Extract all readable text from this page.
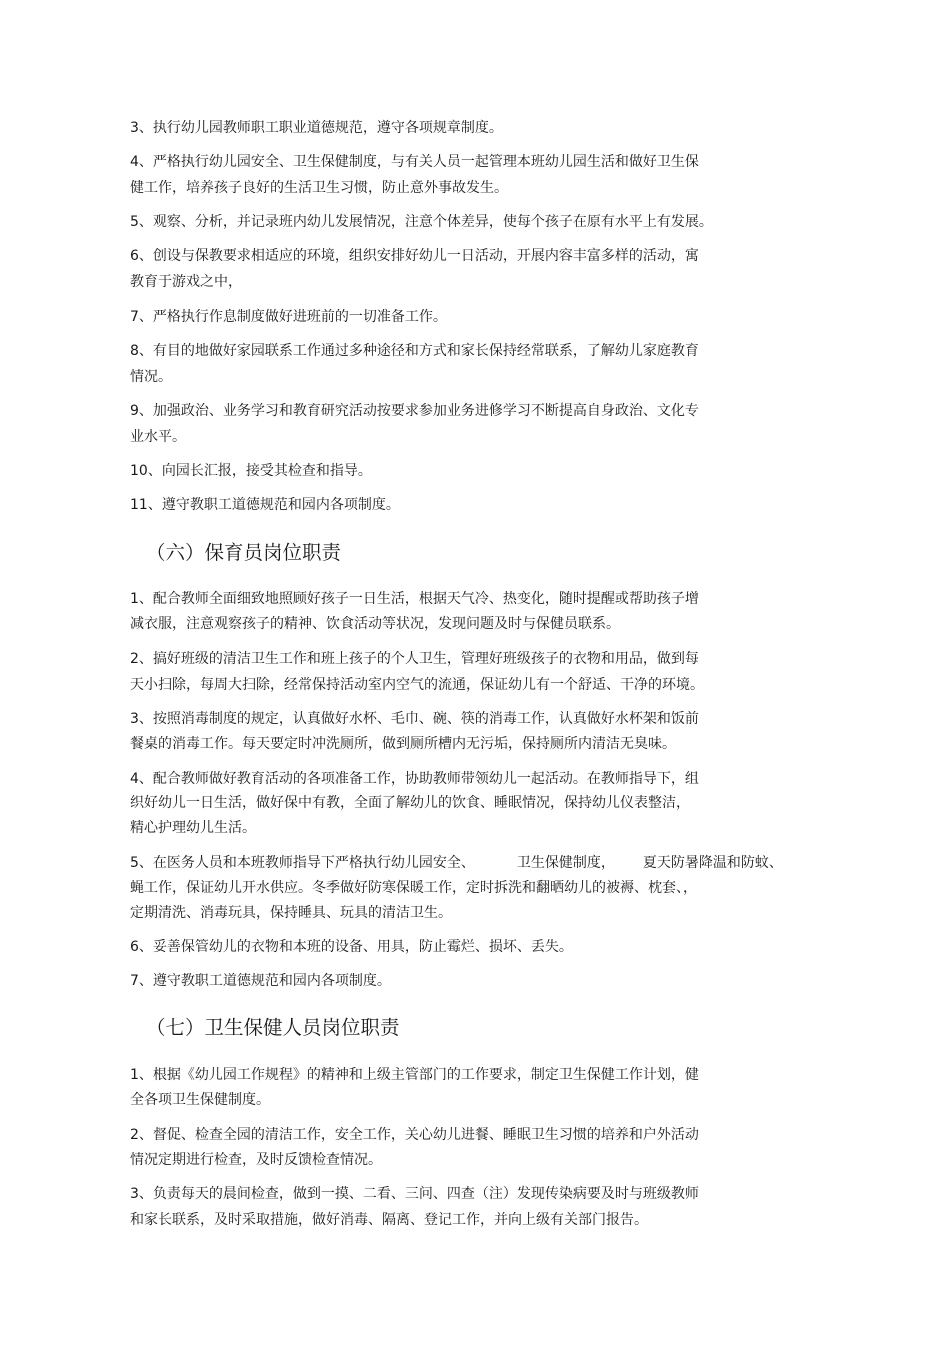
3、执行幼儿园教师职工职业道德规范，遵守各项规章制度。
4、严格执行幼儿园安全、卫生保健制度，与有关人员一起管理本班幼儿园生活和做好卫生保
健工作，培养孩子良好的生活卫生习惯，防止意外事故发生。
5、观察、分析，并记录班内幼儿发展情况，注意个体差异，使每个孩子在原有水平上有发展。
6、创设与保教要求相适应的环境，组织安排好幼儿一日活动，开展内容丰富多样的活动，寓
教育于游戏之中，
7、严格执行作息制度做好进班前的一切准备工作。
8、有目的地做好家园联系工作通过多种途径和方式和家长保持经常联系，了解幼儿家庭教育
情况。
9、加强政治、业务学习和教育研究活动按要求参加业务进修学习不断提高自身政治、文化专
业水平。
10、向园长汇报，接受其检查和指导。
11、遵守教职工道德规范和园内各项制度。
（六）保育员岗位职责
1、配合教师全面细致地照顾好孩子一日生活，根据天气冷、热变化，随时提醒或帮助孩子增
减衣服，注意观察孩子的精神、饮食活动等状况，发现问题及时与保健员联系。
2、搞好班级的清洁卫生工作和班上孩子的个人卫生，管理好班级孩子的衣物和用品，做到每
天小扫除，每周大扫除，经常保持活动室内空气的流通，保证幼儿有一个舒适、干净的环境。
3、按照消毒制度的规定，认真做好水杯、毛巾、碗、筷的消毒工作，认真做好水杯架和饭前
餐桌的消毒工作。每天要定时冲洗厕所，做到厕所槽内无污垢，保持厕所内清洁无臭味。
4、配合教师做好教育活动的各项准备工作，协助教师带领幼儿一起活动。在教师指导下，组
织好幼儿一日生活，做好保中有教，全面了解幼儿的饮食、睡眠情况，保持幼儿仪表整洁，
精心护理幼儿生活。
5、在医务人员和本班教师指导下严格执行幼儿园安全、	卫生保健制度， 夏天防暑降温和防蚊、
蝇工作，保证幼儿开水供应。冬季做好防寒保暖工作，定时拆洗和翻晒幼儿的被褥、枕套、，
定期清洗、消毒玩具，保持睡具、玩具的清洁卫生。
6、妥善保管幼儿的衣物和本班的设备、用具，防止霉烂、损坏、丢失。
7、遵守教职工道德规范和园内各项制度。
（七）卫生保健人员岗位职责
1、根据《幼儿园工作规程》的精神和上级主管部门的工作要求，制定卫生保健工作计划，健
全各项卫生保健制度。
2、督促、检查全园的清洁工作，安全工作，关心幼儿进餐、睡眠卫生习惯的培养和户外活动
情况定期进行检查，及时反馈检查情况。
3、负责每天的晨间检查，做到一摸、二看、三问、四查（注）发现传染病要及时与班级教师
和家长联系，及时采取措施，做好消毒、隔离、登记工作，并向上级有关部门报告。
